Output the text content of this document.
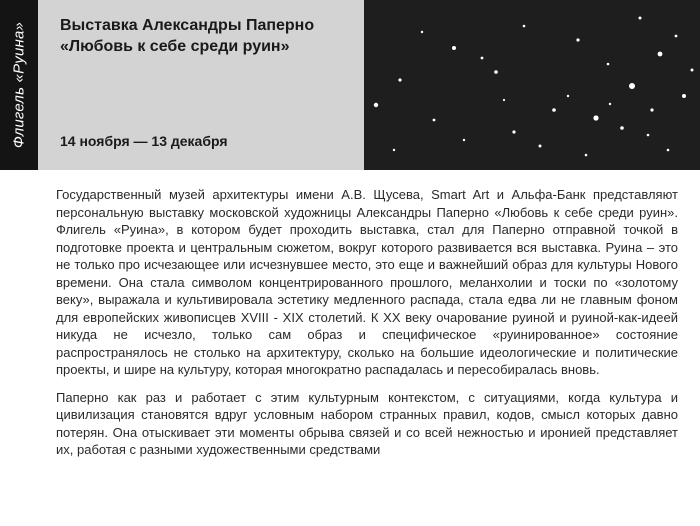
Флигель «Руина» Выставка Александры Паперно
«Любовь к себе среди руин»
14 ноября — 13 декабря

Государственный музей архитектуры имени А.В. Щусева, Smart Art и Альфа-Банк представляют персональную выставку московской художницы Александры Паперно «Любовь к себе среди руин». Флигель «Руина», в котором будет проходить выставка, стал для Паперно отправной точкой в подготовке проекта и центральным сюжетом, вокруг которого развивается вся выставка. Руина – это не только про исчезающее или исчезнувшее место, это еще и важнейший образ для культуры Нового времени. Она стала символом концентрированного прошлого, меланхолии и тоски по «золотому веку», выражала и культивировала эстетику медленного распада, стала едва ли не главным фоном для европейских живописцев XVIII - XIX столетий. К XX веку очарование руиной и руиной-как-идеей никуда не исчезло, только сам образ и специфическое «руинированное» состояние распространялось не столько на архитектуру, сколько на большие идеологические и политические проекты, и шире на культуру, которая многократно распадалась и пересобиралась вновь.

Паперно как раз и работает с этим культурным контекстом, с ситуациями, когда культура и цивилизация становятся вдруг условным набором странных правил, кодов, смысл которых давно потерян. Она отыскивает эти моменты обрыва связей и со всей нежностью и иронией представляет их, работая с разными художественными средствами
